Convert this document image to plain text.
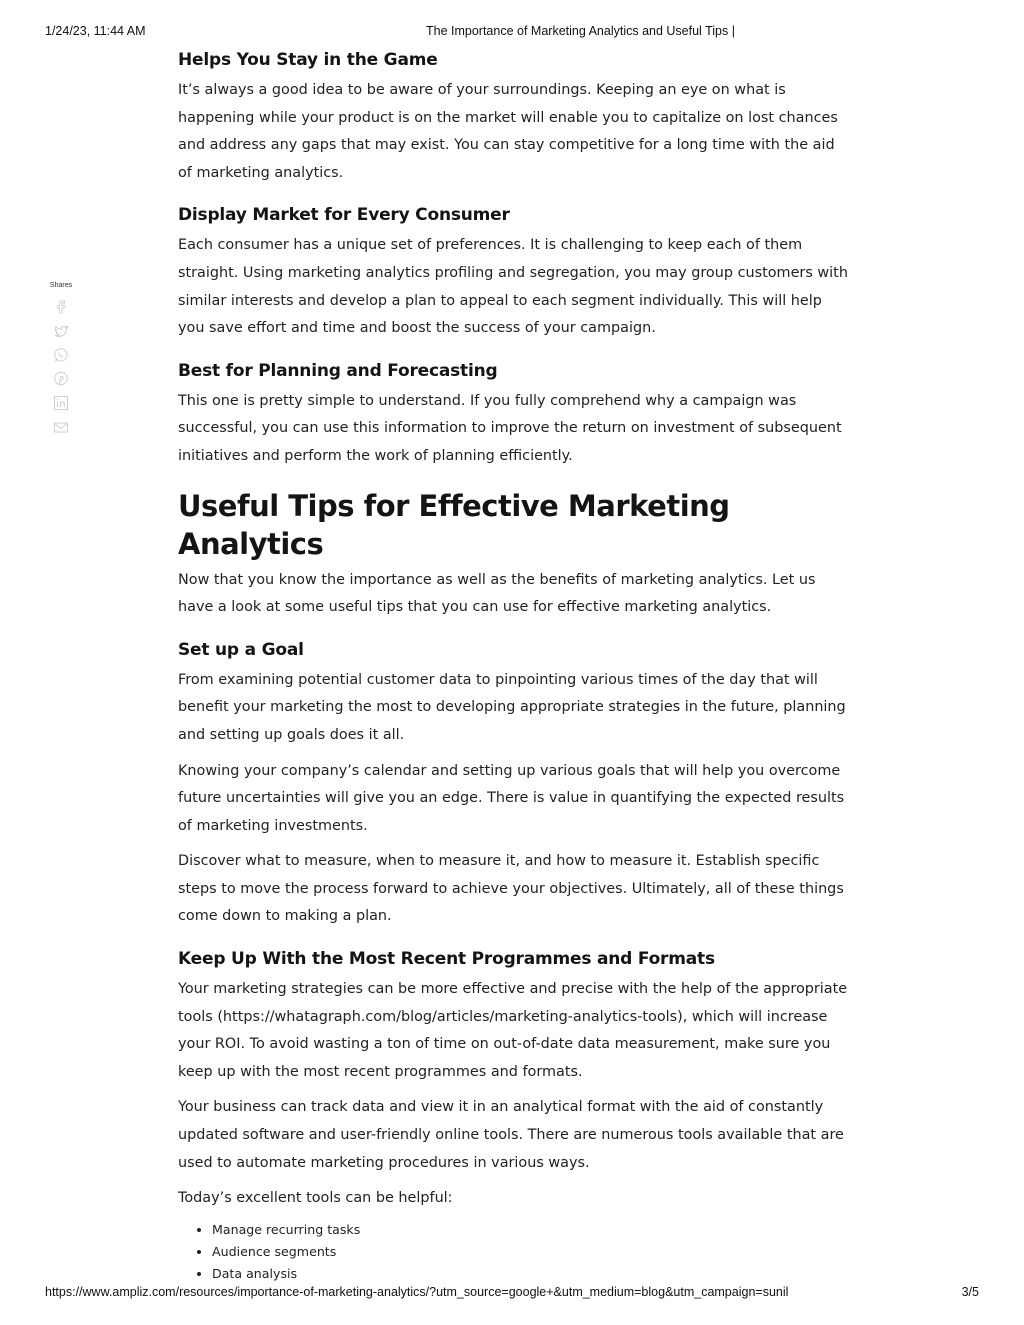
1/24/23, 11:44 AM	The Importance of Marketing Analytics and Useful Tips |
Shares
Helps You Stay in the Game

It’s always a good idea to be aware of your surroundings. Keeping an eye on what is happening while your product is on the market will enable you to capitalize on lost chances and address any gaps that may exist. You can stay competitive for a long time with the aid of marketing analytics.

Display Market for Every Consumer

Each consumer has a unique set of preferences. It is challenging to keep each of them straight. Using marketing analytics profiling and segregation, you may group customers with similar interests and develop a plan to appeal to each segment individually. This will help you save effort and time and boost the success of your campaign.

Best for Planning and Forecasting

This one is pretty simple to understand. If you fully comprehend why a campaign was successful, you can use this information to improve the return on investment of subsequent initiatives and perform the work of planning efficiently.

Useful Tips for Effective Marketing Analytics

Now that you know the importance as well as the benefits of marketing analytics. Let us have a look at some useful tips that you can use for effective marketing analytics.

Set up a Goal

From examining potential customer data to pinpointing various times of the day that will benefit your marketing the most to developing appropriate strategies in the future, planning and setting up goals does it all.

Knowing your company’s calendar and setting up various goals that will help you overcome future uncertainties will give you an edge. There is value in quantifying the expected results of marketing investments.

Discover what to measure, when to measure it, and how to measure it. Establish specific steps to move the process forward to achieve your objectives. Ultimately, all of these things come down to making a plan.

Keep Up With the Most Recent Programmes and Formats

Your marketing strategies can be more effective and precise with the help of the appropriate tools (https://whatagraph.com/blog/articles/marketing-analytics-tools), which will increase your ROI. To avoid wasting a ton of time on out-of-date data measurement, make sure you keep up with the most recent programmes and formats.

Your business can track data and view it in an analytical format with the aid of constantly updated software and user-friendly online tools. There are numerous tools available that are used to automate marketing procedures in various ways.

Today’s excellent tools can be helpful:

• Manage recurring tasks
• Audience segments
• Data analysis
https://www.ampliz.com/resources/importance-of-marketing-analytics/?utm_source=google+&utm_medium=blog&utm_campaign=sunil	3/5
